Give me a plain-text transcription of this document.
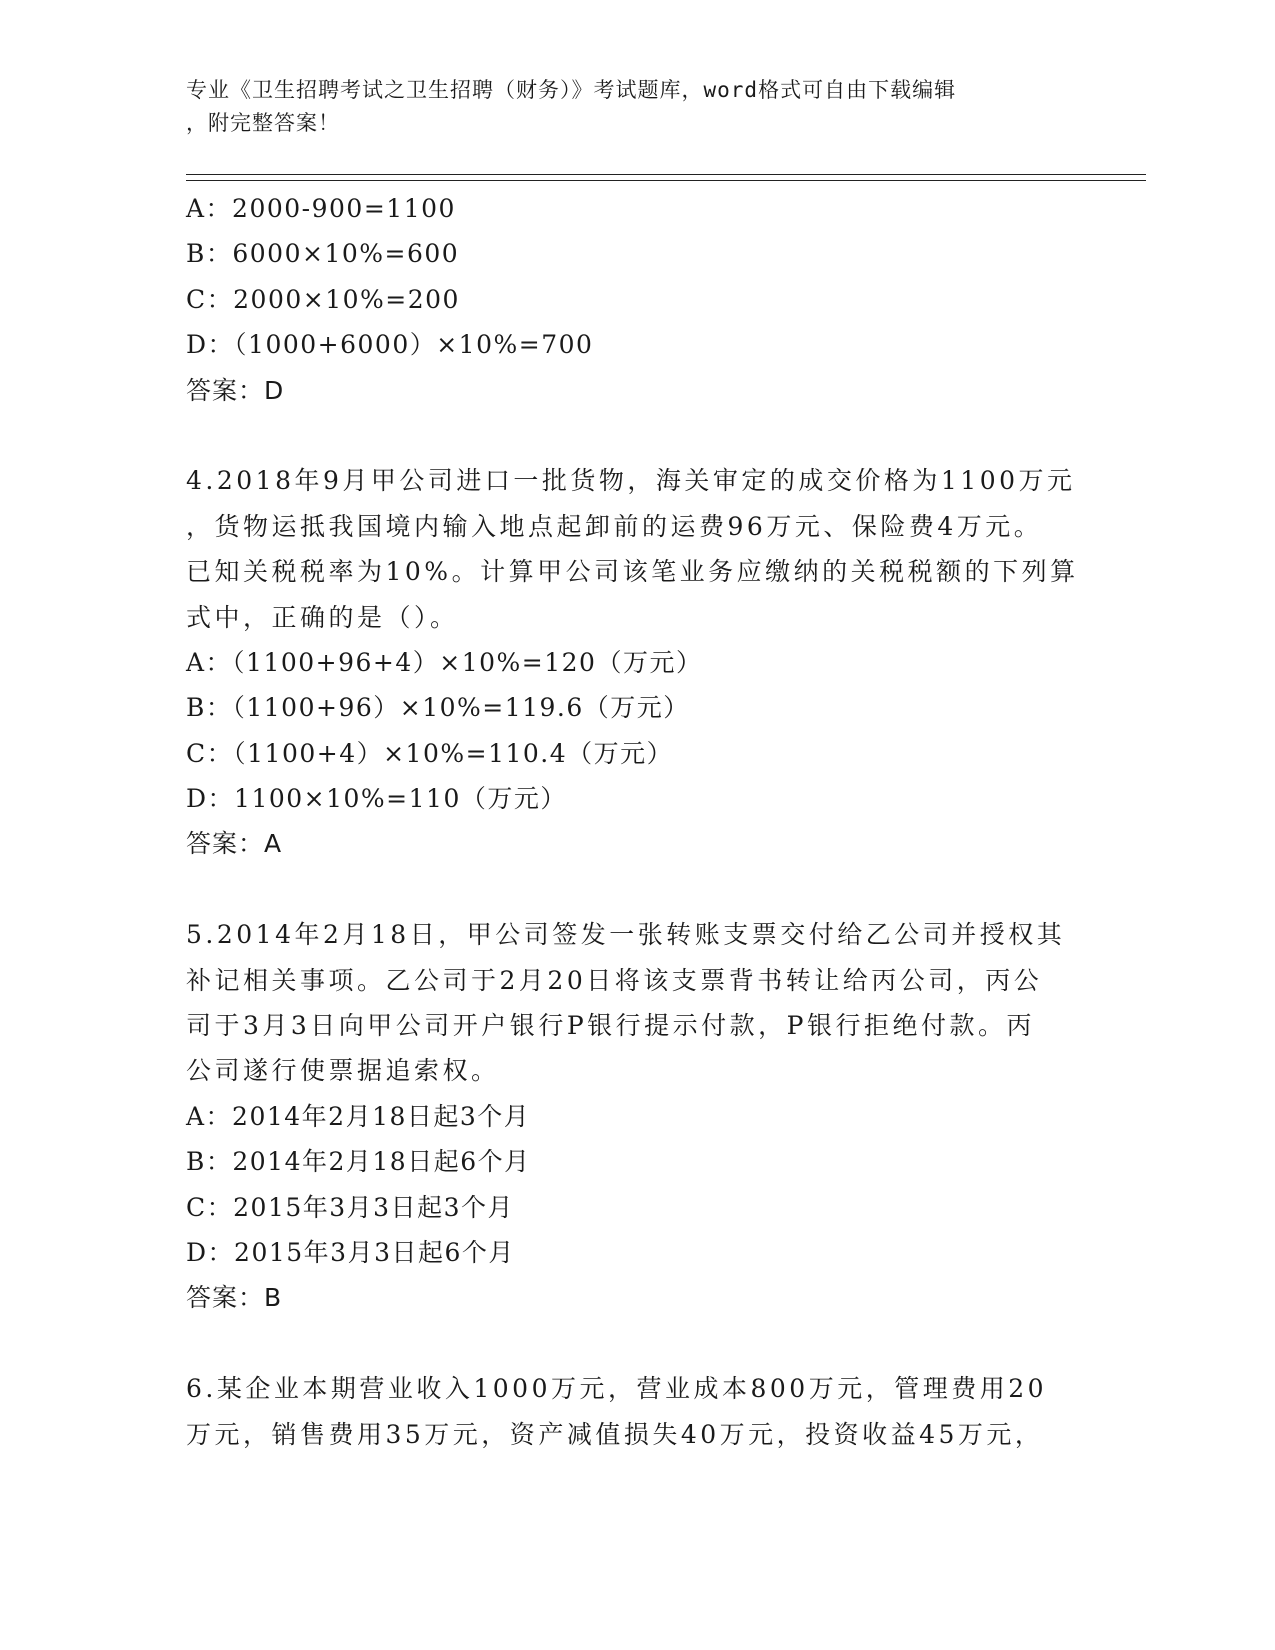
专业《卫生招聘考试之卫生招聘（财务）》考试题库，word格式可自由下载编辑
，附完整答案！
A：2000-900=1100
B：6000×10%=600
C：2000×10%=200
D：（1000+6000）×10%=700
答案：D
4.2018年9月甲公司进口一批货物，海关审定的成交价格为1100万元
，货物运抵我国境内输入地点起卸前的运费96万元、保险费4万元。
已知关税税率为10%。计算甲公司该笔业务应缴纳的关税税额的下列算
式中，正确的是（）。
A：（1100+96+4）×10%=120（万元）
B：（1100+96）×10%=119.6（万元）
C：（1100+4）×10%=110.4（万元）
D：1100×10%=110（万元）
答案：A
5.2014年2月18日，甲公司签发一张转账支票交付给乙公司并授权其
补记相关事项。乙公司于2月20日将该支票背书转让给丙公司，丙公
司于3月3日向甲公司开户银行P银行提示付款，P银行拒绝付款。丙
公司遂行使票据追索权。
A：2014年2月18日起3个月
B：2014年2月18日起6个月
C：2015年3月3日起3个月
D：2015年3月3日起6个月
答案：B
6.某企业本期营业收入1000万元，营业成本800万元，管理费用20
万元，销售费用35万元，资产减值损失40万元，投资收益45万元，
